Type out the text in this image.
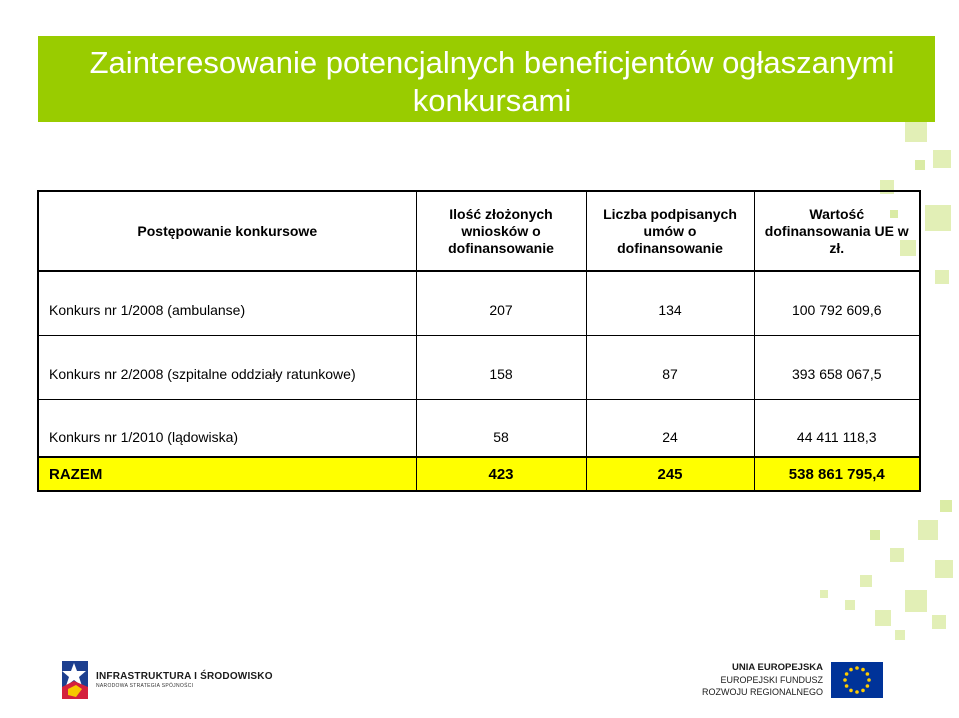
Zainteresowanie potencjalnych beneficjentów ogłaszanymi konkursami
Postępowanie konkursowe	Ilość złożonych wniosków o dofinansowanie	Liczba podpisanych umów o dofinansowanie	Wartość dofinansowania UE w zł.
Konkurs nr 1/2008 (ambulanse)	207	134	100 792 609,6
Konkurs nr 2/2008 (szpitalne oddziały ratunkowe)	158	87	393 658 067,5
Konkurs nr 1/2010 (lądowiska)	58	24	44 411 118,3
RAZEM	423	245	538 861 795,4
INFRASTRUKTURA I ŚRODOWISKO
NARODOWA STRATEGIA SPÓJNOŚCI
UNIA EUROPEJSKA
EUROPEJSKI FUNDUSZ
ROZWOJU REGIONALNEGO
